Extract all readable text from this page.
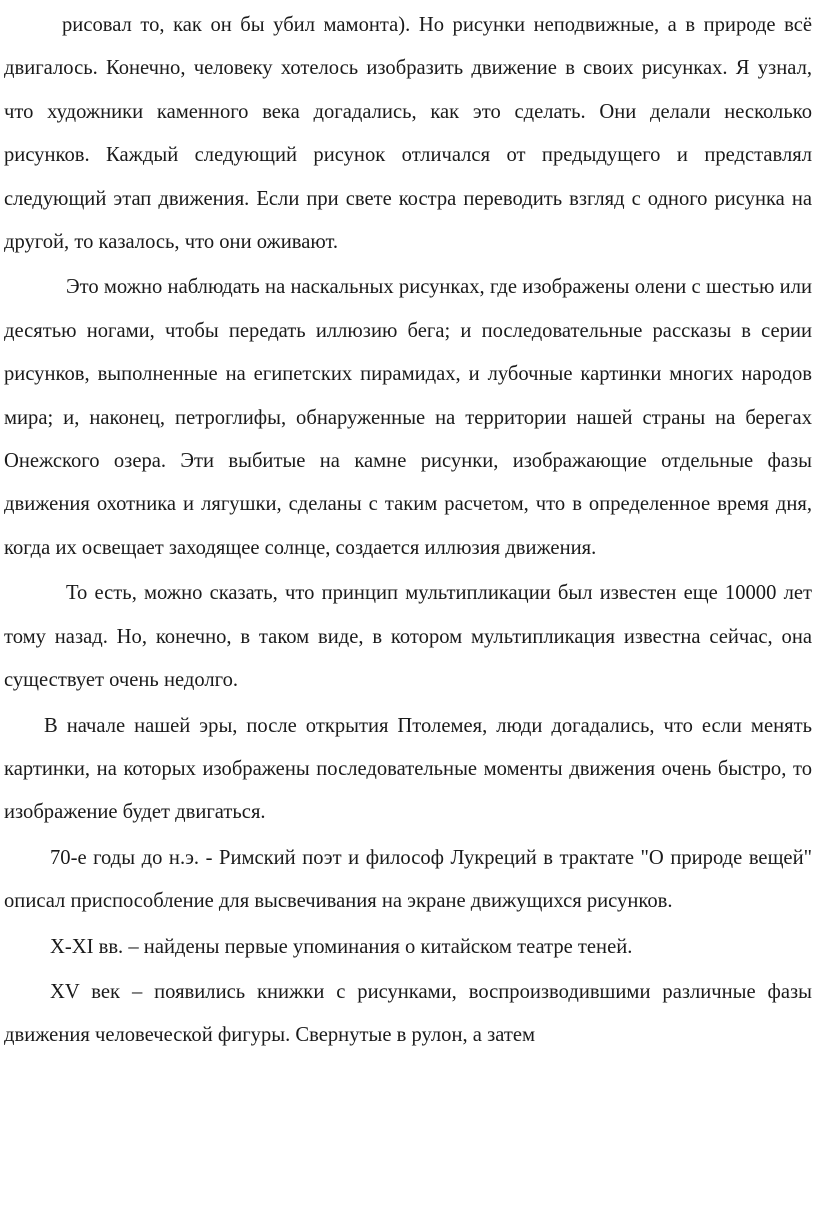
рисовал то, как он бы убил мамонта). Но рисунки неподвижные, а в природе всё двигалось. Конечно, человеку хотелось изобразить движение в своих рисунках. Я узнал, что художники каменного века догадались, как это сделать. Они делали несколько рисунков. Каждый следующий рисунок отличался от предыдущего и представлял следующий этап движения. Если при свете костра переводить взгляд с одного рисунка на другой, то казалось, что они оживают.

Это можно наблюдать на наскальных рисунках, где изображены олени с шестью или десятью ногами, чтобы передать иллюзию бега; и последовательные рассказы в серии рисунков, выполненные на египетских пирамидах, и лубочные картинки многих народов мира; и, наконец, петроглифы, обнаруженные на территории нашей страны на берегах Онежского озера. Эти выбитые на камне рисунки, изображающие отдельные фазы движения охотника и лягушки, сделаны с таким расчетом, что в определенное время дня, когда их освещает заходящее солнце, создается иллюзия движения.

То есть, можно сказать, что принцип мультипликации был известен еще 10000 лет тому назад. Но, конечно, в таком виде, в котором мультипликация известна сейчас, она существует очень недолго.

В начале нашей эры, после открытия Птолемея, люди догадались, что если менять картинки, на которых изображены последовательные моменты движения очень быстро, то изображение будет двигаться.

70-е годы до н.э. - Римский поэт и философ Лукреций в трактате "О природе вещей" описал приспособление для высвечивания на экране движущихся рисунков.

X-XI вв. – найдены первые упоминания о китайском театре теней.

XV век – появились книжки с рисунками, воспроизводившими различные фазы движения человеческой фигуры. Свернутые в рулон, а затем
